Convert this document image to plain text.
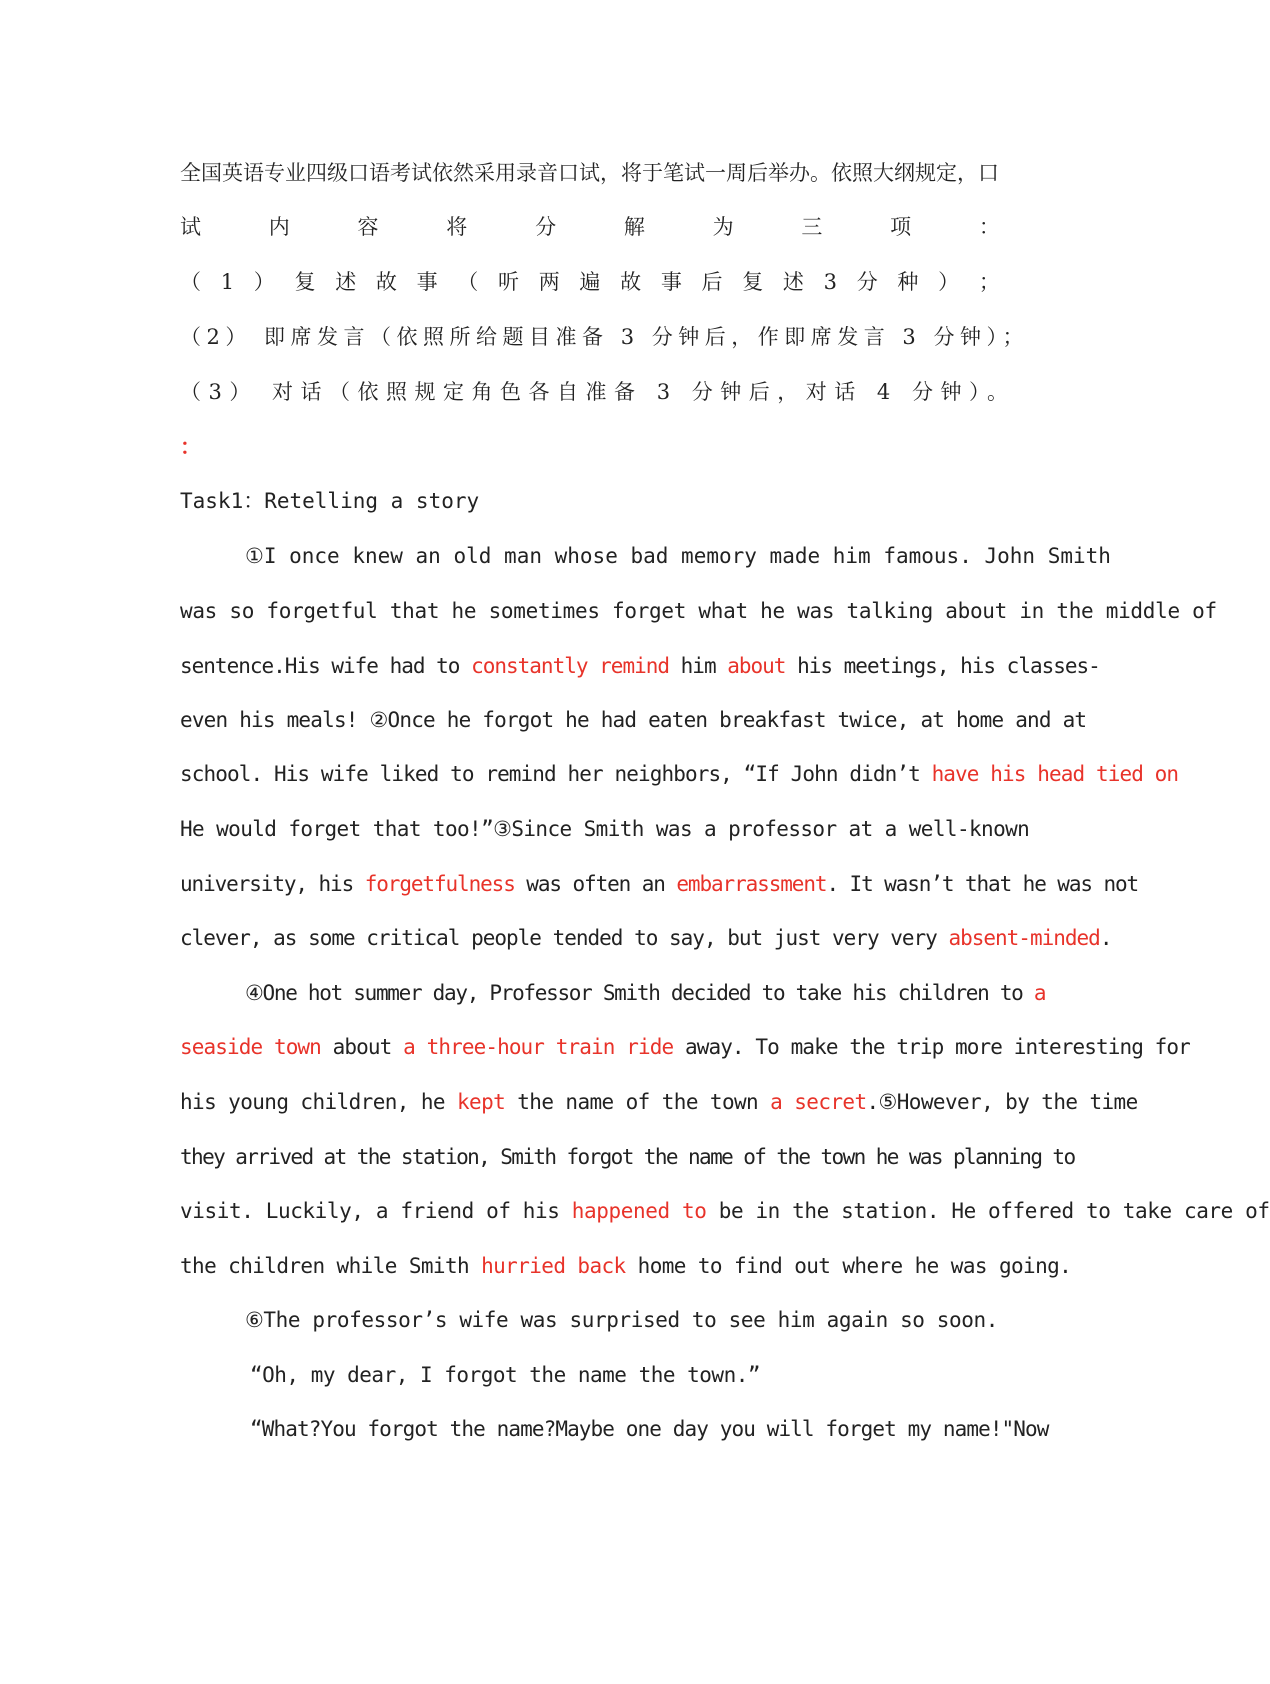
全国英语专业四级口语考试依然采用录音口试，将于笔试一周后举办。依照大纲规定，口
试	内	容	将	分	解	为	三	项	：
（ 1 ） 复 述 故 事 （ 听 两 遍 故 事 后 复 述 3 分 种 ） ；
（2） 即席发言（依照所给题目准备 3 分钟后，作即席发言 3 分钟）；
（3） 对话（依照规定角色各自准备 3 分钟后，对话 4 分钟）。
：
Task1：Retelling a story
①I once knew an old man whose bad memory made him famous. John Smith
was so forgetful that he sometimes forget what he was talking about in the middle of
sentence.His wife had to constantly remind him about his meetings, his classes-
even his meals! ②Once he forgot he had eaten breakfast twice, at home and at
school. His wife liked to remind her neighbors, “If John didn’t have his head tied on
He would forget that too!”③Since Smith was a professor at a well-known
university, his forgetfulness was often an embarrassment. It wasn’t that he was not
clever, as some critical people tended to say, but just very very absent-minded.
④One hot summer day, Professor Smith decided to take his children to a
seaside town about a three-hour train ride away. To make the trip more interesting for
his young children, he kept the name of the town a secret.⑤However, by the time
they arrived at the station, Smith forgot the name of the town he was planning to
visit. Luckily, a friend of his happened to be in the station. He offered to take care of
the children while Smith hurried back home to find out where he was going.
⑥The professor’s wife was surprised to see him again so soon.
“Oh, my dear, I forgot the name the town.”
“What?You forgot the name?Maybe one day you will forget my name!"Now
